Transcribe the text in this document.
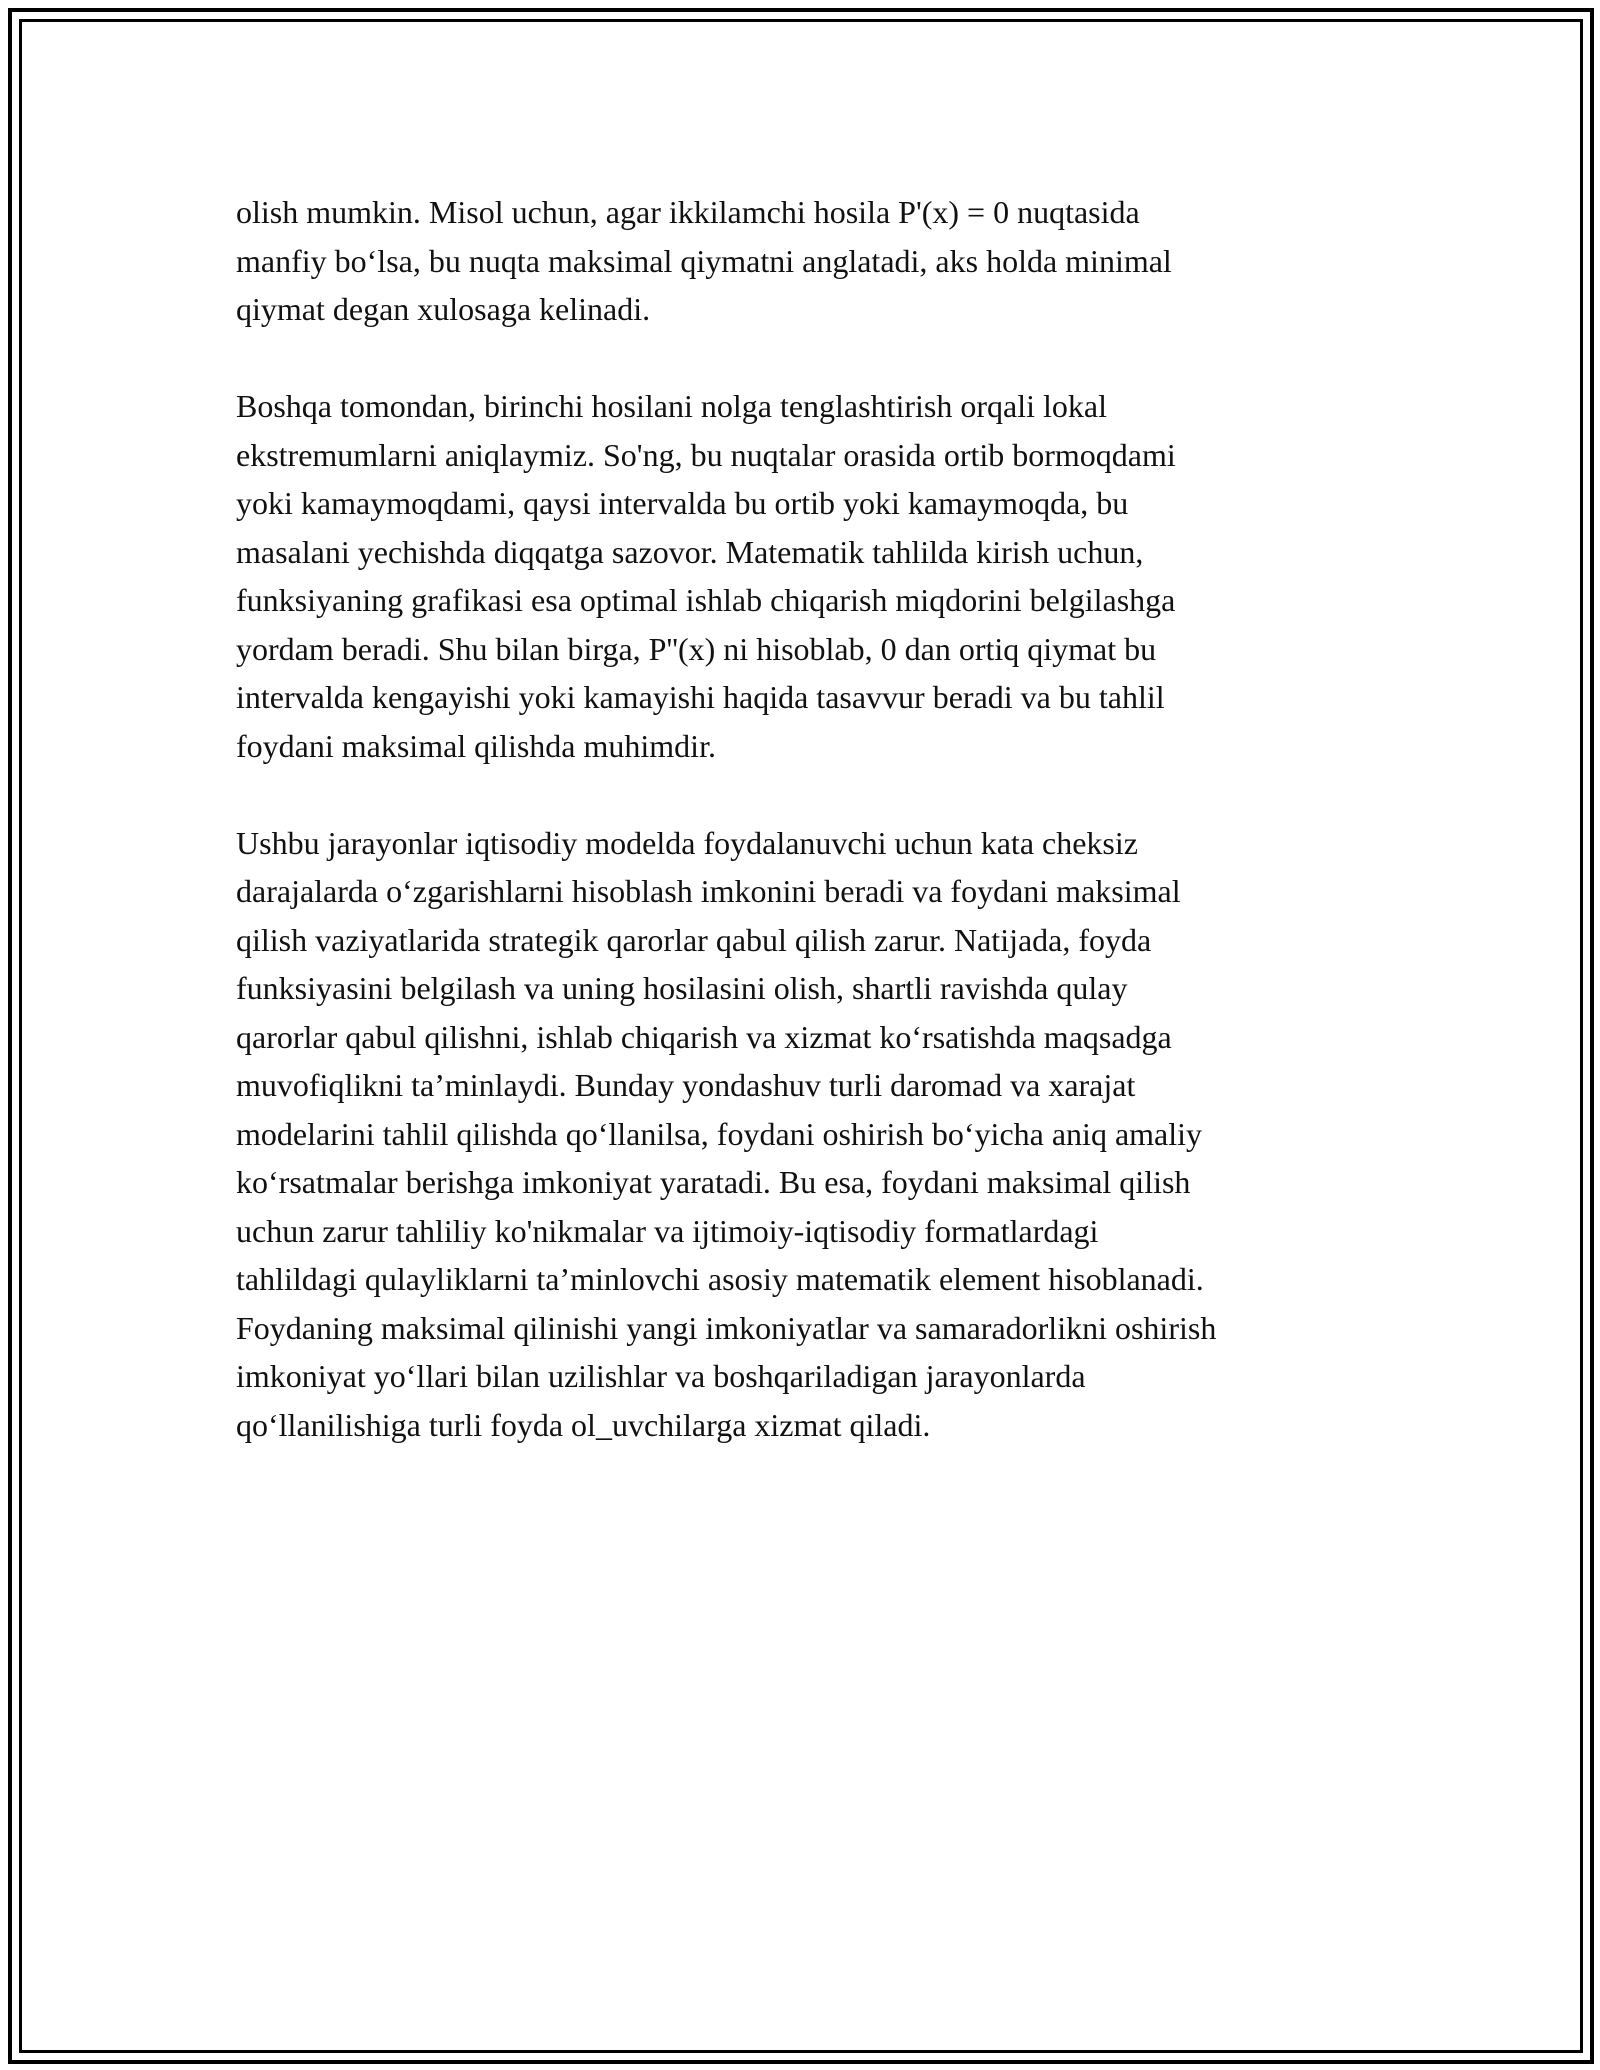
olish mumkin. Misol uchun, agar ikkilamchi hosila P'(x) = 0 nuqtasida
manfiy bo‘lsa, bu nuqta maksimal qiymatni anglatadi, aks holda minimal
qiymat degan xulosaga kelinadi.
Boshqa tomondan, birinchi hosilani nolga tenglashtirish orqali lokal
ekstremumlarni aniqlaymiz. So'ng, bu nuqtalar orasida ortib bormoqdami
yoki kamaymoqdami, qaysi intervalda bu ortib yoki kamaymoqda, bu
masalani yechishda diqqatga sazovor. Matematik tahlilda kirish uchun,
funksiyaning grafikasi esa optimal ishlab chiqarish miqdorini belgilashga
yordam beradi. Shu bilan birga, P''(x) ni hisoblab, 0 dan ortiq qiymat bu
intervalda kengayishi yoki kamayishi haqida tasavvur beradi va bu tahlil
foydani maksimal qilishda muhimdir.
Ushbu jarayonlar iqtisodiy modelda foydalanuvchi uchun kata cheksiz
darajalarda o‘zgarishlarni hisoblash imkonini beradi va foydani maksimal
qilish vaziyatlarida strategik qarorlar qabul qilish zarur. Natijada, foyda
funksiyasini belgilash va uning hosilasini olish, shartli ravishda qulay
qarorlar qabul qilishni, ishlab chiqarish va xizmat ko‘rsatishda maqsadga
muvofiqlikni ta’minlaydi. Bunday yondashuv turli daromad va xarajat
modelarini tahlil qilishda qo‘llanilsa, foydani oshirish bo‘yicha aniq amaliy
ko‘rsatmalar berishga imkoniyat yaratadi. Bu esa, foydani maksimal qilish
uchun zarur tahliliy ko'nikmalar va ijtimoiy-iqtisodiy formatlardagi
tahlildagi qulayliklarni ta’minlovchi asosiy matematik element hisoblanadi.
Foydaning maksimal qilinishi yangi imkoniyatlar va samaradorlikni oshirish
imkoniyat yo‘llari bilan uzilishlar va boshqariladigan jarayonlarda
qo‘llanilishiga turli foyda ol_uvchilarga xizmat qiladi.
